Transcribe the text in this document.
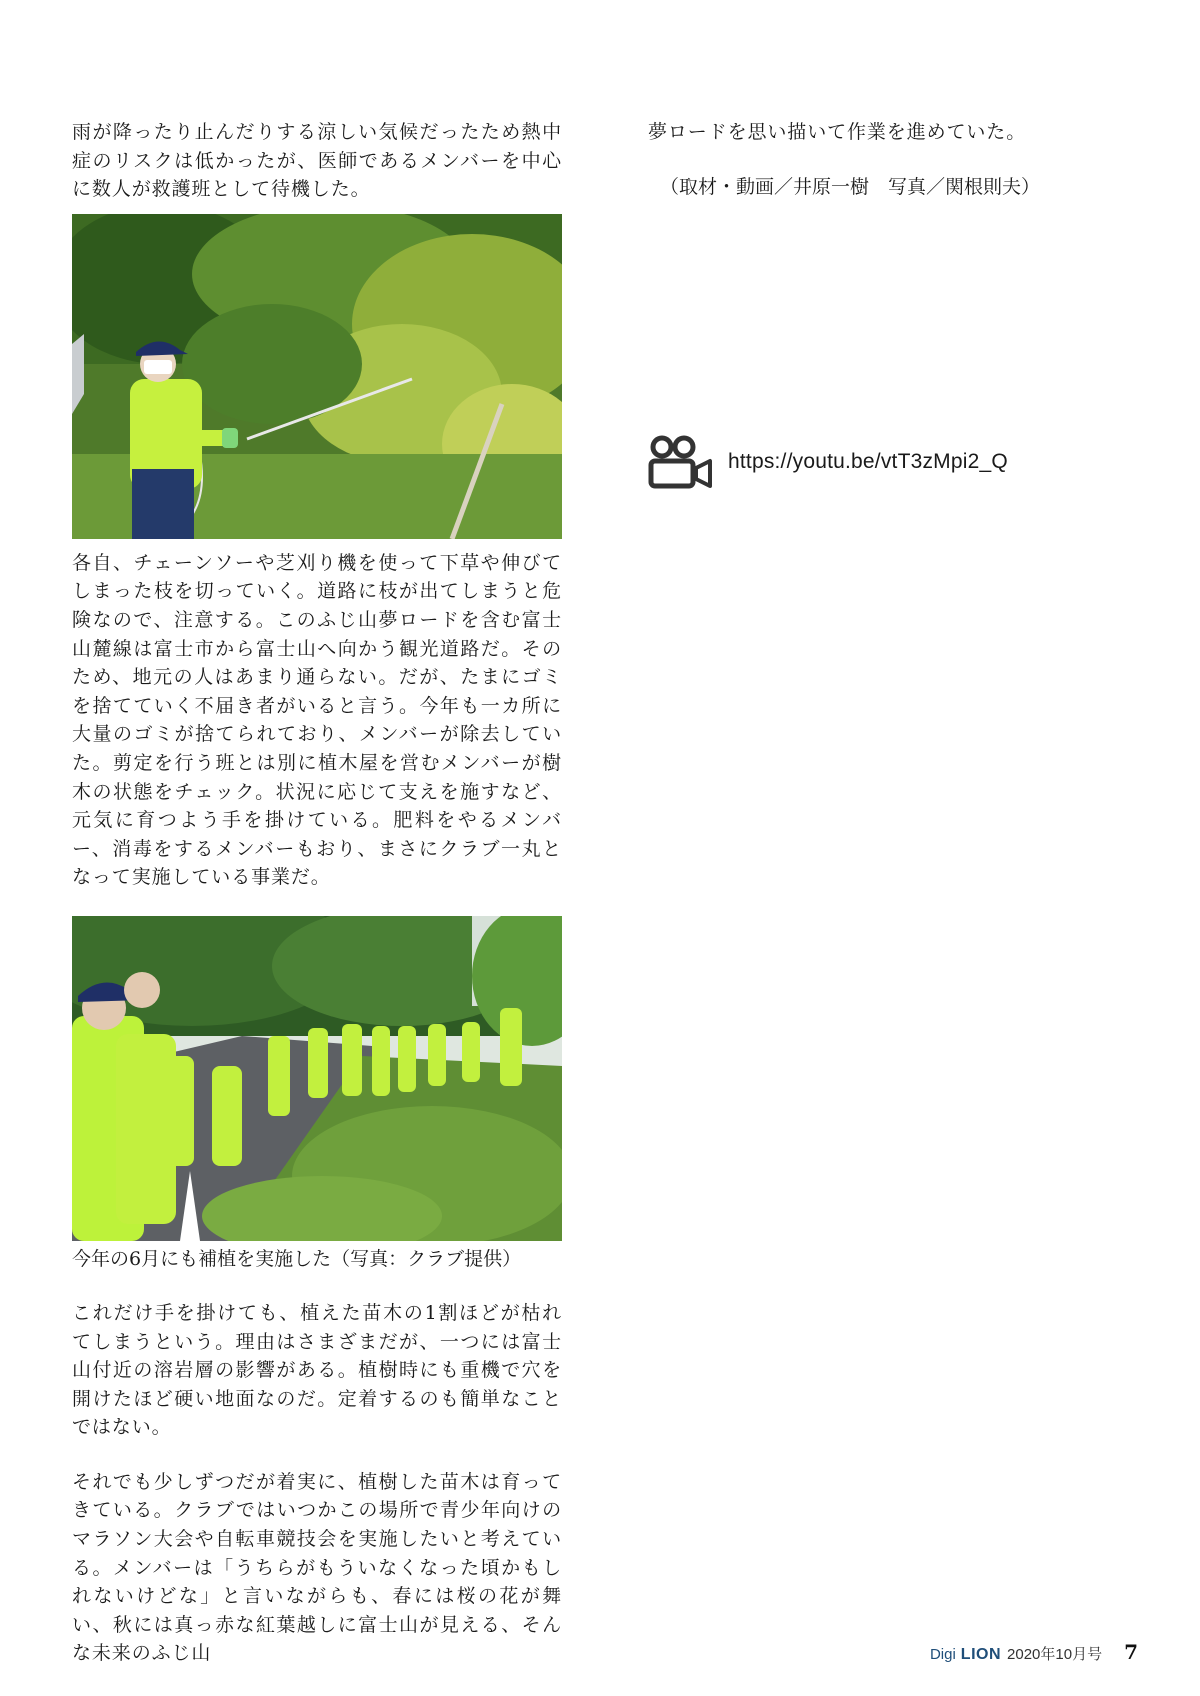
雨が降ったり止んだりする涼しい気候だったため熱中症のリスクは低かったが、医師であるメンバーを中心に数人が救護班として待機した。

各自、チェーンソーや芝刈り機を使って下草や伸びてしまった枝を切っていく。道路に枝が出てしまうと危険なので、注意する。このふじ山夢ロードを含む富士山麓線は富士市から富士山へ向かう観光道路だ。そのため、地元の人はあまり通らない。だが、たまにゴミを捨てていく不届き者がいると言う。今年も一カ所に大量のゴミが捨てられており、メンバーが除去していた。剪定を行う班とは別に植木屋を営むメンバーが樹木の状態をチェック。状況に応じて支えを施すなど、元気に育つよう手を掛けている。肥料をやるメンバー、消毒をするメンバーもおり、まさにクラブ一丸となって実施している事業だ。

今年の6月にも補植を実施した（写真：クラブ提供）

これだけ手を掛けても、植えた苗木の1割ほどが枯れてしまうという。理由はさまざまだが、一つには富士山付近の溶岩層の影響がある。植樹時にも重機で穴を開けたほど硬い地面なのだ。定着するのも簡単なことではない。

それでも少しずつだが着実に、植樹した苗木は育ってきている。クラブではいつかこの場所で青少年向けのマラソン大会や自転車競技会を実施したいと考えている。メンバーは「うちらがもういなくなった頃かもしれないけどな」と言いながらも、春には桜の花が舞い、秋には真っ赤な紅葉越しに富士山が見える、そんな未来のふじ山

夢ロードを思い描いて作業を進めていた。

（取材・動画／井原一樹　写真／関根則夫）

https://youtu.be/vtT3zMpi2_Q
Digi LION 2020年10月号 7
